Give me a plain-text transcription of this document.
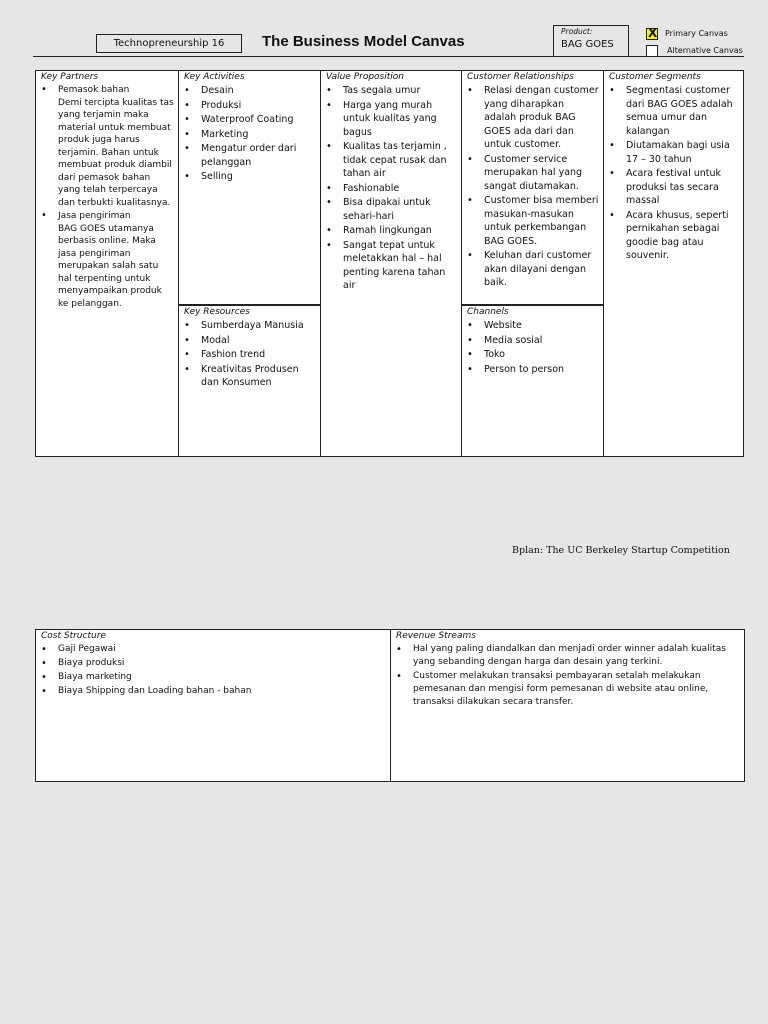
Technopreneurship 16	The Business Model Canvas
Product:
BAG GOES
X Primary Canvas
Alternative Canvas
Key Partners
• Pemasok bahan
Demi tercipta kualitas tas yang terjamin maka material untuk membuat produk juga harus terjamin. Bahan untuk membuat produk diambil dari pemasok bahan yang telah terpercaya dan terbukti kualitasnya.
• Jasa pengiriman
BAG GOES utamanya berbasis online. Maka jasa pengiriman merupakan salah satu hal terpenting untuk menyampaikan produk ke pelanggan.
Key Activities
• Desain
• Produksi
• Waterproof Coating
• Marketing
• Mengatur order dari pelanggan
• Selling
Key Resources
• Sumberdaya Manusia
• Modal
• Fashion trend
• Kreativitas Produsen dan Konsumen
Value Proposition
• Tas segala umur
• Harga yang murah untuk kualitas yang bagus
• Kualitas tas terjamin , tidak cepat rusak dan tahan air
• Fashionable
• Bisa dipakai untuk sehari-hari
• Ramah lingkungan
• Sangat tepat untuk meletakkan hal – hal penting karena tahan air
Customer Relationships
• Relasi dengan customer yang diharapkan adalah produk BAG GOES ada dari dan untuk customer.
• Customer service merupakan hal yang sangat diutamakan.
• Customer bisa memberi masukan-masukan untuk perkembangan BAG GOES.
• Keluhan dari customer akan dilayani dengan baik.
Channels
• Website
• Media sosial
• Toko
• Person to person
Customer Segments
• Segmentasi customer dari BAG GOES adalah semua umur dan kalangan
• Diutamakan bagi usia 17 – 30 tahun
• Acara festival untuk produksi tas secara massal
• Acara khusus, seperti pernikahan sebagai goodie bag atau souvenir.
Bplan: The UC Berkeley Startup Competition
Cost Structure
• Gaji Pegawai
• Biaya produksi
• Biaya marketing
• Biaya Shipping dan Loading bahan - bahan
Revenue Streams
• Hal yang paling diandalkan dan menjadi order winner adalah kualitas yang sebanding dengan harga dan desain yang terkini.
• Customer melakukan transaksi pembayaran setalah melakukan pemesanan dan mengisi form pemesanan di website atau online, transaksi dilakukan secara transfer.
